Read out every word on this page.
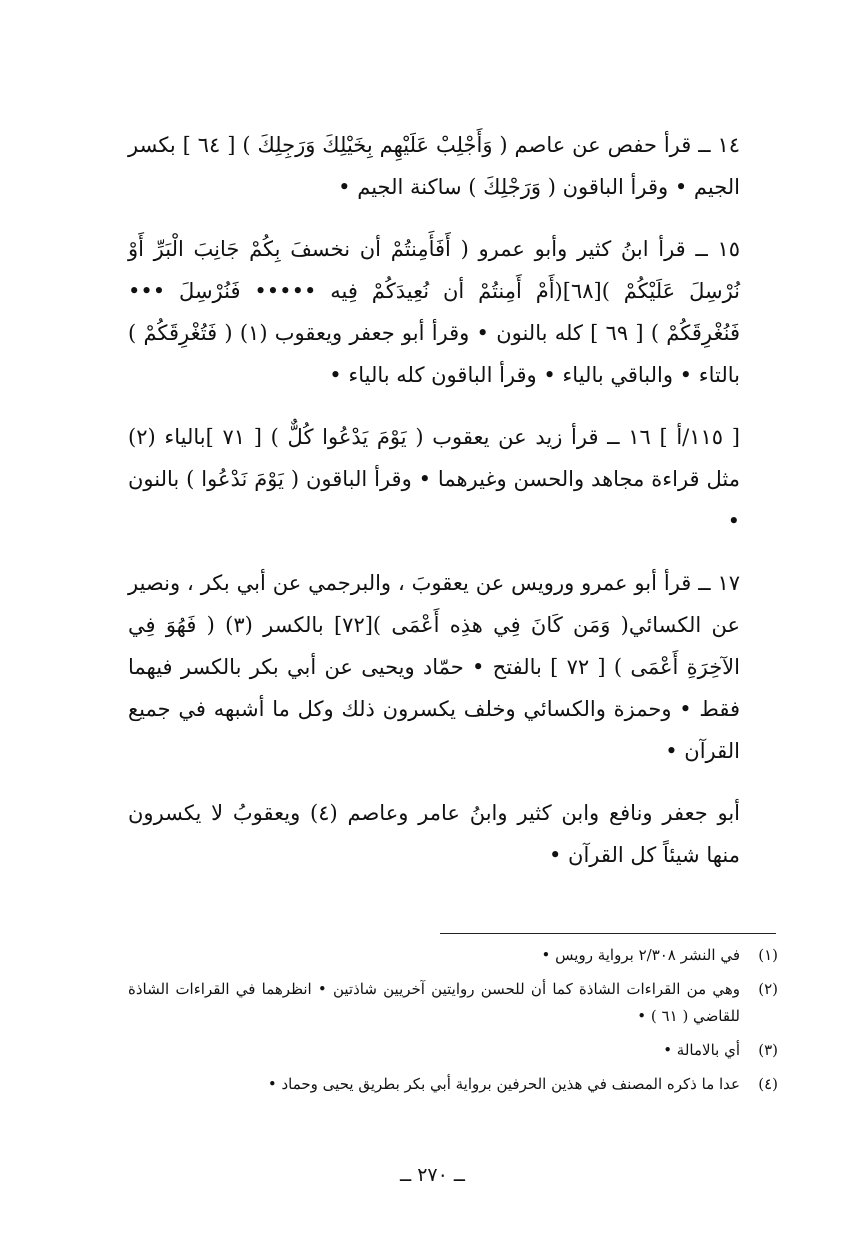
١٤ ــ قرأ حفص عن عاصم ( وَأَجْلِبْ عَلَيْهِم بِخَيْلِكَ وَرَجِلِكَ ) [ ٦٤ ] بكسر الجيم • وقرأ الباقون ( وَرَجْلِكَ ) ساكنة الجيم •

١٥ ــ قرأ ابنُ كثير وأبو عمرو ( أَفَأَمِنتُمْ أن نخسفَ بِكُمْ جَانِبَ الْبَرِّ أَوْ نُرْسِلَ عَلَيْكُمْ )[٦٨](أَمْ أَمِنتُمْ أن نُعِيدَكُمْ فِيه ••••• فَنُرْسِلَ ••• فَنُغْرِقَكُمْ ) [ ٦٩ ] كله بالنون • وقرأ أبو جعفر ويعقوب (١) ( فَتُغْرِقَكُمْ ) بالتاء • والباقي بالياء • وقرأ الباقون كله بالياء •

[ ١١٥/أ ] ١٦ ــ قرأ زيد عن يعقوب ( يَوْمَ يَدْعُوا كُلٌّ ) [ ٧١ ]بالياء (٢) مثل قراءة مجاهد والحسن وغيرهما • وقرأ الباقون ( يَوْمَ نَدْعُوا ) بالنون •

١٧ ــ قرأ أبو عمرو ورويس عن يعقوبَ ، والبرجمي عن أبي بكر ، ونصير عن الكسائي( وَمَن كَانَ فِي هذِه أَعْمَى )[٧٢] بالكسر (٣) ( فَهُوَ فِي الآخِرَةِ أَعْمَى ) [ ٧٢ ] بالفتح • حمّاد ويحيى عن أبي بكر بالكسر فيهما فقط • وحمزة والكسائي وخلف يكسرون ذلك وكل ما أشبهه في جميع القرآن •

أبو جعفر ونافع وابن كثير وابنُ عامر وعاصم (٤) ويعقوبُ لا يكسرون منها شيئاً كل القرآن •

(١)
في النشر ٢/٣٠٨ برواية رويس •
(٢)
وهي من القراءات الشاذة كما أن للحسن روايتين آخريين شاذتين • انظرهما في القراءات الشاذة للقاضي ( ٦١ ) •
(٣)
أي بالامالة •
(٤)
عدا ما ذكره المصنف في هذين الحرفين برواية أبي بكر بطريق يحيى وحماد •
ــ ٢٧٠ ــ
